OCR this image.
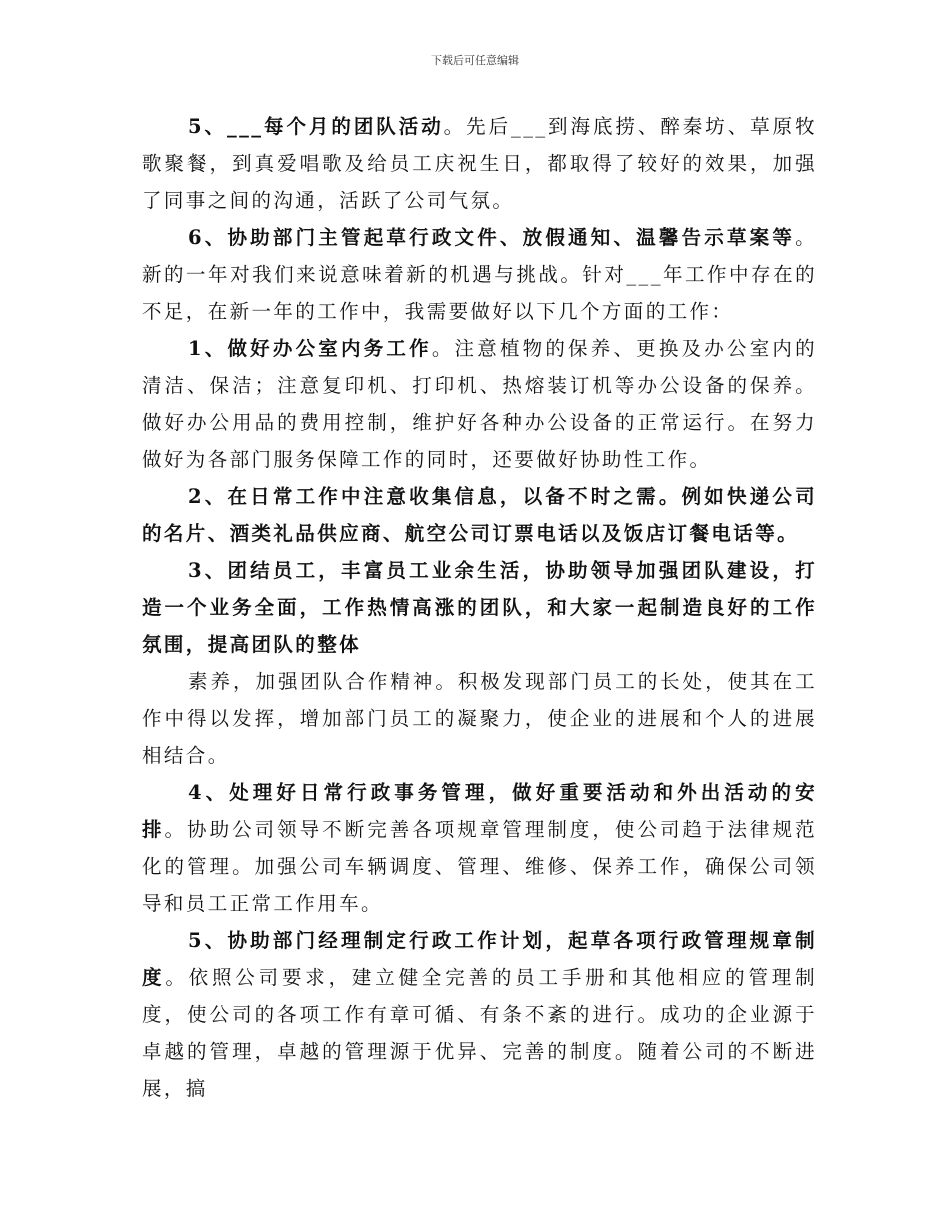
下载后可任意编辑

5、___每个月的团队活动。先后___到海底捞、醉秦坊、草原牧歌聚餐，到真爱唱歌及给员工庆祝生日，都取得了较好的效果，加强了同事之间的沟通，活跃了公司气氛。

6、协助部门主管起草行政文件、放假通知、温馨告示草案等。新的一年对我们来说意味着新的机遇与挑战。针对___年工作中存在的不足，在新一年的工作中，我需要做好以下几个方面的工作：

1、做好办公室内务工作。注意植物的保养、更换及办公室内的清洁、保洁；注意复印机、打印机、热熔装订机等办公设备的保养。做好办公用品的费用控制，维护好各种办公设备的正常运行。在努力做好为各部门服务保障工作的同时，还要做好协助性工作。

2、在日常工作中注意收集信息，以备不时之需。例如快递公司的名片、酒类礼品供应商、航空公司订票电话以及饭店订餐电话等。

3、团结员工，丰富员工业余生活，协助领导加强团队建设，打造一个业务全面，工作热情高涨的团队，和大家一起制造良好的工作氛围，提高团队的整体

素养，加强团队合作精神。积极发现部门员工的长处，使其在工作中得以发挥，增加部门员工的凝聚力，使企业的进展和个人的进展相结合。

4、处理好日常行政事务管理，做好重要活动和外出活动的安排。协助公司领导不断完善各项规章管理制度，使公司趋于法律规范化的管理。加强公司车辆调度、管理、维修、保养工作，确保公司领导和员工正常工作用车。

5、协助部门经理制定行政工作计划，起草各项行政管理规章制度。依照公司要求，建立健全完善的员工手册和其他相应的管理制度，使公司的各项工作有章可循、有条不紊的进行。成功的企业源于卓越的管理，卓越的管理源于优异、完善的制度。随着公司的不断进展，搞
